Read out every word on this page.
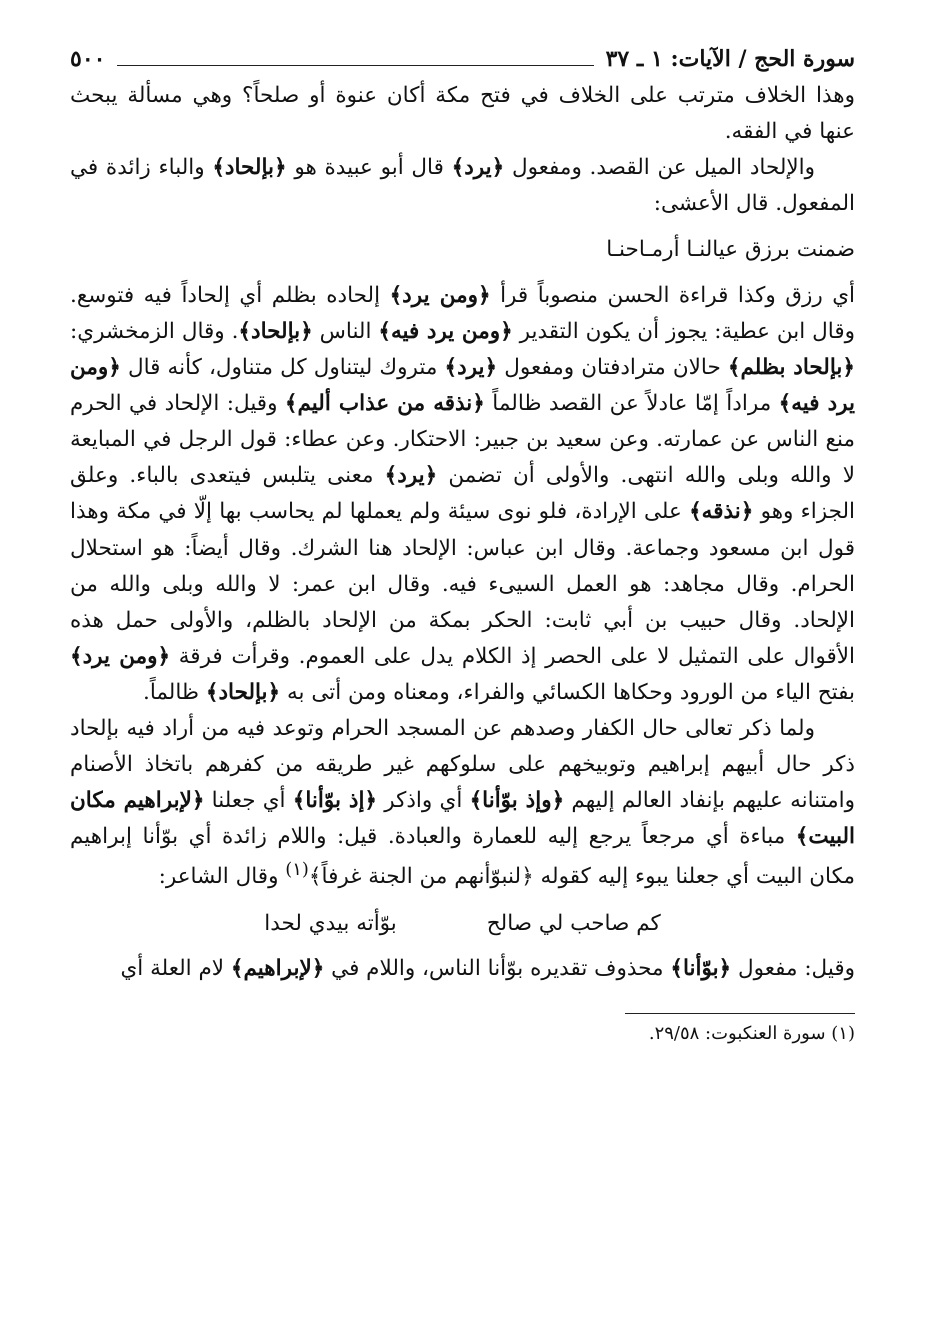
سورة الحج / الآيات: ١ ـ ٣٧
٥٠٠

وهذا الخلاف مترتب على الخلاف في فتح مكة أكان عنوة أو صلحاً؟ وهي مسألة يبحث عنها في الفقه.

والإلحاد الميل عن القصد. ومفعول ﴿يرد﴾ قال أبو عبيدة هو ﴿بإلحاد﴾ والباء زائدة في المفعول. قال الأعشى:

ضمنت برزق عيالنـا أرمـاحنـا

أي رزق وكذا قراءة الحسن منصوباً قرأ ﴿ومن يرد﴾ إلحاده بظلم أي إلحاداً فيه فتوسع. وقال ابن عطية: يجوز أن يكون التقدير ﴿ومن يرد فيه﴾ الناس ﴿بإلحاد﴾. وقال الزمخشري: ﴿بإلحاد بظلم﴾ حالان مترادفتان ومفعول ﴿يرد﴾ متروك ليتناول كل متناول، كأنه قال ﴿ومن يرد فيه﴾ مراداً إمّا عادلاً عن القصد ظالماً ﴿نذقه من عذاب أليم﴾ وقيل: الإلحاد في الحرم منع الناس عن عمارته. وعن سعيد بن جبير: الاحتكار. وعن عطاء: قول الرجل في المبايعة لا والله وبلى والله انتهى. والأولى أن تضمن ﴿يرد﴾ معنى يتلبس فيتعدى بالباء. وعلق الجزاء وهو ﴿نذقه﴾ على الإرادة، فلو نوى سيئة ولم يعملها لم يحاسب بها إلّا في مكة وهذا قول ابن مسعود وجماعة. وقال ابن عباس: الإلحاد هنا الشرك. وقال أيضاً: هو استحلال الحرام. وقال مجاهد: هو العمل السيىء فيه. وقال ابن عمر: لا والله وبلى والله من الإلحاد. وقال حبيب بن أبي ثابت: الحكر بمكة من الإلحاد بالظلم، والأولى حمل هذه الأقوال على التمثيل لا على الحصر إذ الكلام يدل على العموم. وقرأت فرقة ﴿ومن يرد﴾ بفتح الياء من الورود وحكاها الكسائي والفراء، ومعناه ومن أتى به ﴿بإلحاد﴾ ظالماً.

ولما ذكر تعالى حال الكفار وصدهم عن المسجد الحرام وتوعد فيه من أراد فيه بإلحاد ذكر حال أبيهم إبراهيم وتوبيخهم على سلوكهم غير طريقه من كفرهم باتخاذ الأصنام وامتنانه عليهم بإنفاد العالم إليهم ﴿وإذ بوّأنا﴾ أي واذكر ﴿إذ بوّأنا﴾ أي جعلنا ﴿لإبراهيم مكان البيت﴾ مباءة أي مرجعاً يرجع إليه للعمارة والعبادة. قيل: واللام زائدة أي بوّأنا إبراهيم مكان البيت أي جعلنا يبوء إليه كقوله ﴿لنبوّأنهم من الجنة غرفاً﴾$^{(١)}$ وقال الشاعر:

كم صاحب لي صالح
بوّأته بيدي لحدا

وقيل: مفعول ﴿بوّأنا﴾ محذوف تقديره بوّأنا الناس، واللام في ﴿لإبراهيم﴾ لام العلة أي

(١) سورة العنكبوت: ٢٩/٥٨.
